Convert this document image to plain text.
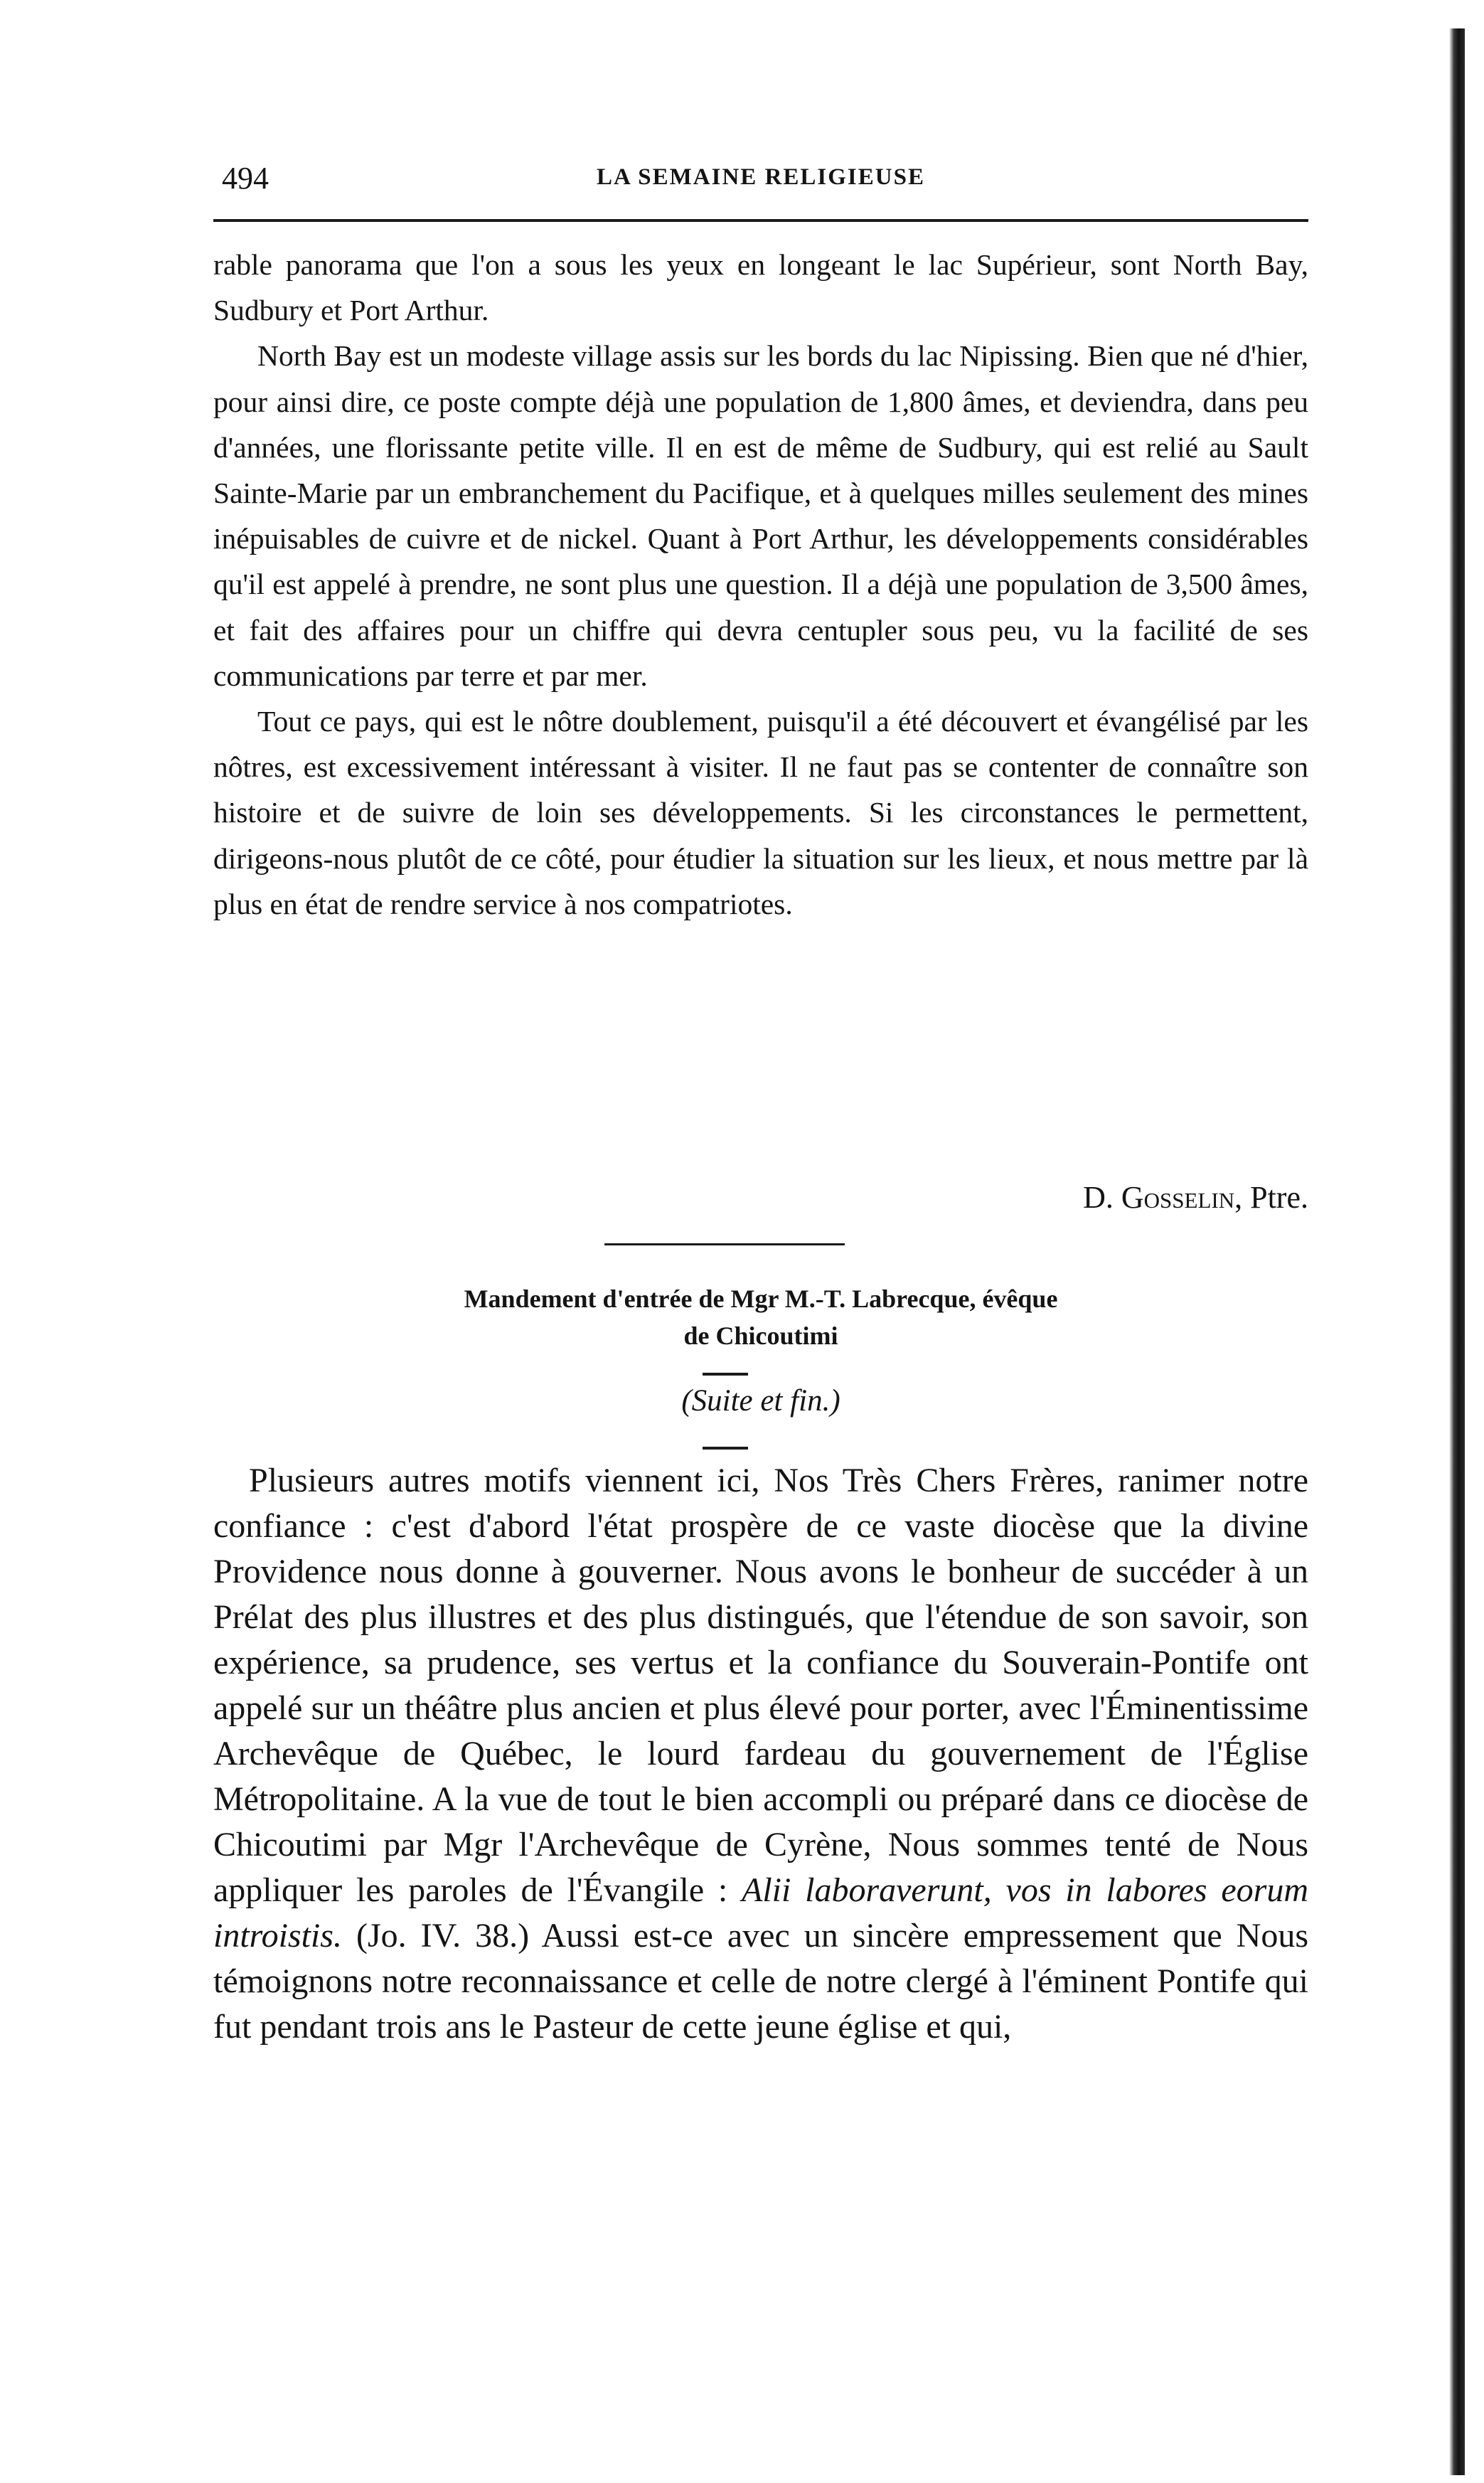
494	LA SEMAINE RELIGIEUSE

rable panorama que l'on a sous les yeux en longeant le lac Supérieur, sont North Bay, Sudbury et Port Arthur.

North Bay est un modeste village assis sur les bords du lac Nipissing. Bien que né d'hier, pour ainsi dire, ce poste compte déjà une population de 1,800 âmes, et deviendra, dans peu d'années, une florissante petite ville. Il en est de même de Sudbury, qui est relié au Sault Sainte-Marie par un embranchement du Pacifique, et à quelques milles seulement des mines inépuisables de cuivre et de nickel. Quant à Port Arthur, les développements considérables qu'il est appelé à prendre, ne sont plus une question. Il a déjà une population de 3,500 âmes, et fait des affaires pour un chiffre qui devra centupler sous peu, vu la facilité de ses communications par terre et par mer.

Tout ce pays, qui est le nôtre doublement, puisqu'il a été découvert et évangélisé par les nôtres, est excessivement intéressant à visiter. Il ne faut pas se contenter de connaître son histoire et de suivre de loin ses développements. Si les circonstances le permettent, dirigeons-nous plutôt de ce côté, pour étudier la situation sur les lieux, et nous mettre par là plus en état de rendre service à nos compatriotes.

D. Gosselin, Ptre.
Mandement d'entrée de Mgr M.-T. Labrecque, évêque
de Chicoutimi
(Suite et fin.)

Plusieurs autres motifs viennent ici, Nos Très Chers Frères, ranimer notre confiance : c'est d'abord l'état prospère de ce vaste diocèse que la divine Providence nous donne à gouverner. Nous avons le bonheur de succéder à un Prélat des plus illustres et des plus distingués, que l'étendue de son savoir, son expérience, sa prudence, ses vertus et la confiance du Souverain-Pontife ont appelé sur un théâtre plus ancien et plus élevé pour porter, avec l'Éminentissime Archevêque de Québec, le lourd fardeau du gouvernement de l'Église Métropolitaine. A la vue de tout le bien accompli ou préparé dans ce diocèse de Chicoutimi par Mgr l'Archevêque de Cyrène, Nous sommes tenté de Nous appliquer les paroles de l'Évangile : Alii laboraverunt, vos in labores eorum introistis. (Jo. IV. 38.) Aussi est-ce avec un sincère empressement que Nous témoignons notre reconnaissance et celle de notre clergé à l'éminent Pontife qui fut pendant trois ans le Pasteur de cette jeune église et qui,
